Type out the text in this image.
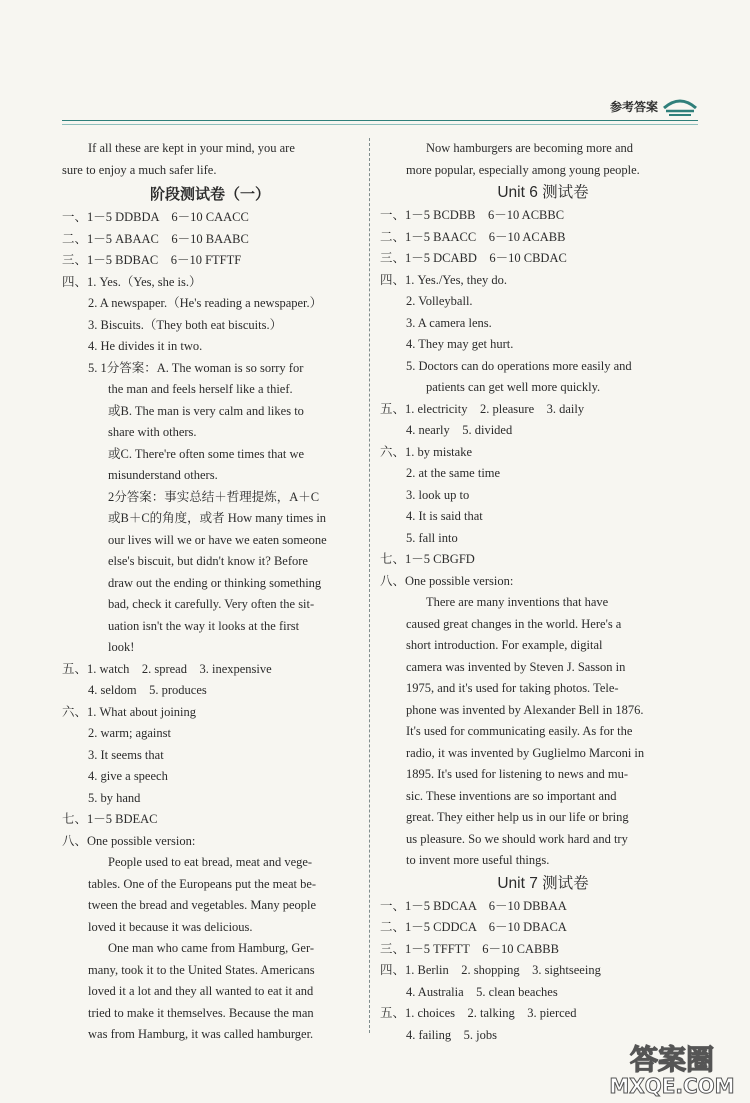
参考答案
If all these are kept in your mind, you are
sure to enjoy a much safer life.
阶段测试卷（一）
一、1－5 DDBDA　6－10 CAACC
二、1－5 ABAAC　6－10 BAABC
三、1－5 BDBAC　6－10 FTFTF
四、1. Yes.（Yes, she is.）
2. A newspaper.（He's reading a newspaper.）
3. Biscuits.（They both eat biscuits.）
4. He divides it in two.
5. 1分答案：A. The woman is so sorry for
the man and feels herself like a thief.
或B. The man is very calm and likes to
share with others.
或C. There're often some times that we
misunderstand others.
2分答案：事实总结＋哲理提炼，A＋C
或B＋C的角度，或者 How many times in
our lives will we or have we eaten someone
else's biscuit, but didn't know it? Before
draw out the ending or thinking something
bad, check it carefully. Very often the sit-
uation isn't the way it looks at the first
look!
五、1. watch　2. spread　3. inexpensive
4. seldom　5. produces
六、1. What about joining
2. warm; against
3. It seems that
4. give a speech
5. by hand
七、1－5 BDEAC
八、One possible version:
People used to eat bread, meat and vege-
tables. One of the Europeans put the meat be-
tween the bread and vegetables. Many people
loved it because it was delicious.
One man who came from Hamburg, Ger-
many, took it to the United States. Americans
loved it a lot and they all wanted to eat it and
tried to make it themselves. Because the man
was from Hamburg, it was called hamburger.
Now hamburgers are becoming more and
more popular, especially among young people.
Unit 6 测试卷
一、1－5 BCDBB　6－10 ACBBC
二、1－5 BAACC　6－10 ACABB
三、1－5 DCABD　6－10 CBDAC
四、1. Yes./Yes, they do.
2. Volleyball.
3. A camera lens.
4. They may get hurt.
5. Doctors can do operations more easily and
patients can get well more quickly.
五、1. electricity　2. pleasure　3. daily
4. nearly　5. divided
六、1. by mistake
2. at the same time
3. look up to
4. It is said that
5. fall into
七、1－5 CBGFD
八、One possible version:
There are many inventions that have
caused great changes in the world. Here's a
short introduction. For example, digital
camera was invented by Steven J. Sasson in
1975, and it's used for taking photos. Tele-
phone was invented by Alexander Bell in 1876.
It's used for communicating easily. As for the
radio, it was invented by Guglielmo Marconi in
1895. It's used for listening to news and mu-
sic. These inventions are so important and
great. They either help us in our life or bring
us pleasure. So we should work hard and try
to invent more useful things.
Unit 7 测试卷
一、1－5 BDCAA　6－10 DBBAA
二、1－5 CDDCA　6－10 DBACA
三、1－5 TFFTT　6－10 CABBB
四、1. Berlin　2. shopping　3. sightseeing
4. Australia　5. clean beaches
五、1. choices　2. talking　3. pierced
4. failing　5. jobs
答案圈
MXQE.COM
